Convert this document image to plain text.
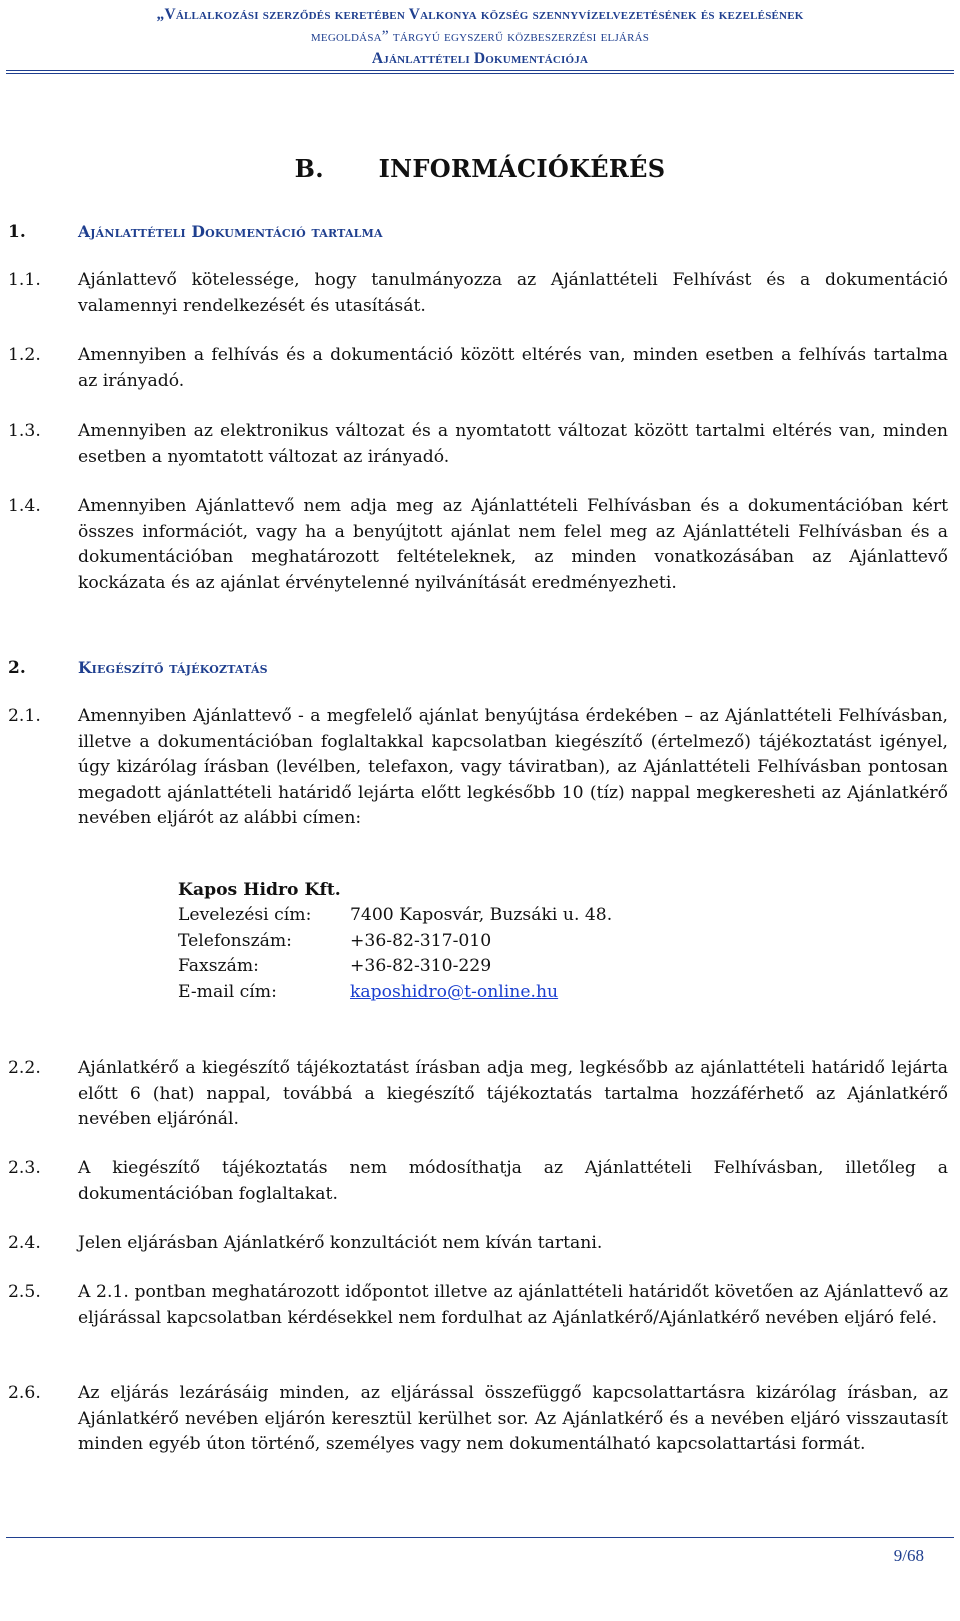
„Vállalkozási szerződés keretében Valkonya község szennyvízelvezetésének és kezelésének
megoldása” tárgyú egyszerű közbeszerzési eljárás
Ajánlattételi Dokumentációja
B. INFORMÁCIÓKÉRÉS
1.	Ajánlattételi Dokumentáció tartalma
1.1. Ajánlattevő kötelessége, hogy tanulmányozza az Ajánlattételi Felhívást és a dokumentáció valamennyi rendelkezését és utasítását.
1.2. Amennyiben a felhívás és a dokumentáció között eltérés van, minden esetben a felhívás tartalma az irányadó.
1.3. Amennyiben az elektronikus változat és a nyomtatott változat között tartalmi eltérés van, minden esetben a nyomtatott változat az irányadó.
1.4. Amennyiben Ajánlattevő nem adja meg az Ajánlattételi Felhívásban és a dokumentációban kért összes információt, vagy ha a benyújtott ajánlat nem felel meg az Ajánlattételi Felhívásban és a dokumentációban meghatározott feltételeknek, az minden vonatkozásában az Ajánlattevő kockázata és az ajánlat érvénytelenné nyilvánítását eredményezheti.
2.	Kiegészítő tájékoztatás
2.1. Amennyiben Ajánlattevő - a megfelelő ajánlat benyújtása érdekében – az Ajánlattételi Felhívásban, illetve a dokumentációban foglaltakkal kapcsolatban kiegészítő (értelmező) tájékoztatást igényel, úgy kizárólag írásban (levélben, telefaxon, vagy táviratban), az Ajánlattételi Felhívásban pontosan megadott ajánlattételi határidő lejárta előtt legkésőbb 10 (tíz) nappal megkeresheti az Ajánlatkérő nevében eljárót az alábbi címen:
Kapos Hidro Kft.
Levelezési cím:	7400 Kaposvár, Buzsáki u. 48.
Telefonszám:	+36-82-317-010
Faxszám:	+36-82-310-229
E-mail cím:	kaposhidro@t-online.hu
2.2. Ajánlatkérő a kiegészítő tájékoztatást írásban adja meg, legkésőbb az ajánlattételi határidő lejárta előtt 6 (hat) nappal, továbbá a kiegészítő tájékoztatás tartalma hozzáférhető az Ajánlatkérő nevében eljárónál.
2.3. A kiegészítő tájékoztatás nem módosíthatja az Ajánlattételi Felhívásban, illetőleg a dokumentációban foglaltakat.
2.4. Jelen eljárásban Ajánlatkérő konzultációt nem kíván tartani.
2.5. A 2.1. pontban meghatározott időpontot illetve az ajánlattételi határidőt követően az Ajánlattevő az eljárással kapcsolatban kérdésekkel nem fordulhat az Ajánlatkérő/Ajánlatkérő nevében eljáró felé.
2.6. Az eljárás lezárásáig minden, az eljárással összefüggő kapcsolattartásra kizárólag írásban, az Ajánlatkérő nevében eljárón keresztül kerülhet sor. Az Ajánlatkérő és a nevében eljáró visszautasít minden egyéb úton történő, személyes vagy nem dokumentálható kapcsolattartási formát.
9/68
